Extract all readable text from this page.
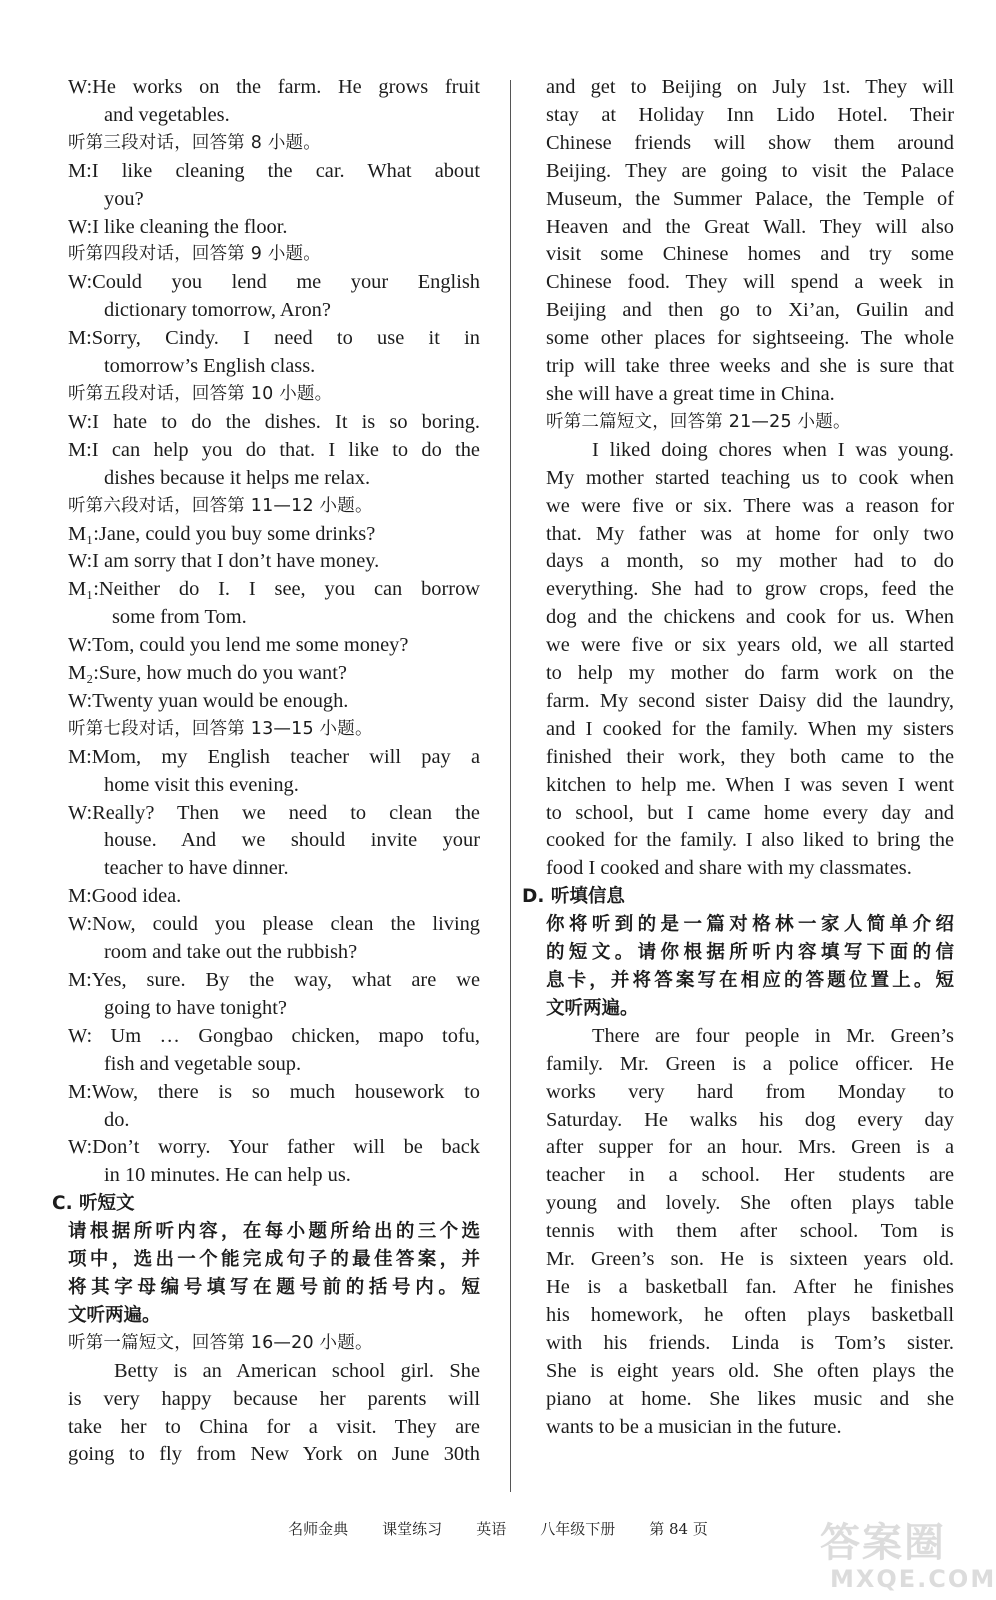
W:He works on the farm. He grows fruit
and vegetables.
听第三段对话，回答第 8 小题。
M:I like cleaning the car. What about
you?
W:I like cleaning the floor.
听第四段对话，回答第 9 小题。
W:Could you lend me your English
dictionary tomorrow, Aron?
M:Sorry, Cindy. I need to use it in
tomorrow’s English class.
听第五段对话，回答第 10 小题。
W:I hate to do the dishes. It is so boring.
M:I can help you do that. I like to do the
dishes because it helps me relax.
听第六段对话，回答第 11—12 小题。
M₁:Jane, could you buy some drinks?
W:I am sorry that I don’t have money.
M₁:Neither do I. I see, you can borrow
some from Tom.
W:Tom, could you lend me some money?
M₂:Sure, how much do you want?
W:Twenty yuan would be enough.
听第七段对话，回答第 13—15 小题。
M:Mom, my English teacher will pay a
home visit this evening.
W:Really? Then we need to clean the
house. And we should invite your
teacher to have dinner.
M:Good idea.
W:Now, could you please clean the living
room and take out the rubbish?
M:Yes, sure. By the way, what are we
going to have tonight?
W: Um … Gongbao chicken, mapo tofu,
fish and vegetable soup.
M:Wow, there is so much housework to
do.
W:Don’t worry. Your father will be back
in 10 minutes. He can help us.
C. 听短文
请根据所听内容，在每小题所给出的三个选
项中，选出一个能完成句子的最佳答案，并
将其字母编号填写在题号前的括号内。短
文听两遍。
听第一篇短文，回答第 16—20 小题。
Betty is an American school girl. She
is very happy because her parents will
take her to China for a visit. They are
going to fly from New York on June 30th
and get to Beijing on July 1st. They will
stay at Holiday Inn Lido Hotel. Their
Chinese friends will show them around
Beijing. They are going to visit the Palace
Museum, the Summer Palace, the Temple of
Heaven and the Great Wall. They will also
visit some Chinese homes and try some
Chinese food. They will spend a week in
Beijing and then go to Xi’an, Guilin and
some other places for sightseeing. The whole
trip will take three weeks and she is sure that
she will have a great time in China.
听第二篇短文，回答第 21—25 小题。
I liked doing chores when I was young.
My mother started teaching us to cook when
we were five or six. There was a reason for
that. My father was at home for only two
days a month, so my mother had to do
everything. She had to grow crops, feed the
dog and the chickens and cook for us. When
we were five or six years old, we all started
to help my mother do farm work on the
farm. My second sister Daisy did the laundry,
and I cooked for the family. When my sisters
finished their work, they both came to the
kitchen to help me. When I was seven I went
to school, but I came home every day and
cooked for the family. I also liked to bring the
food I cooked and share with my classmates.
D. 听填信息
你将听到的是一篇对格林一家人简单介绍
的短文。请你根据所听内容填写下面的信
息卡，并将答案写在相应的答题位置上。短
文听两遍。
There are four people in Mr. Green’s
family. Mr. Green is a police officer. He
works very hard from Monday to
Saturday. He walks his dog every day
after supper for an hour. Mrs. Green is a
teacher in a school. Her students are
young and lovely. She often plays table
tennis with them after school. Tom is
Mr. Green’s son. He is sixteen years old.
He is a basketball fan. After he finishes
his homework, he often plays basketball
with his friends. Linda is Tom’s sister.
She is eight years old. She often plays the
piano at home. She likes music and she
wants to be a musician in the future.
名师金典 课堂练习 英语 八年级下册 第 84 页	答案圈
MXQE.COM
